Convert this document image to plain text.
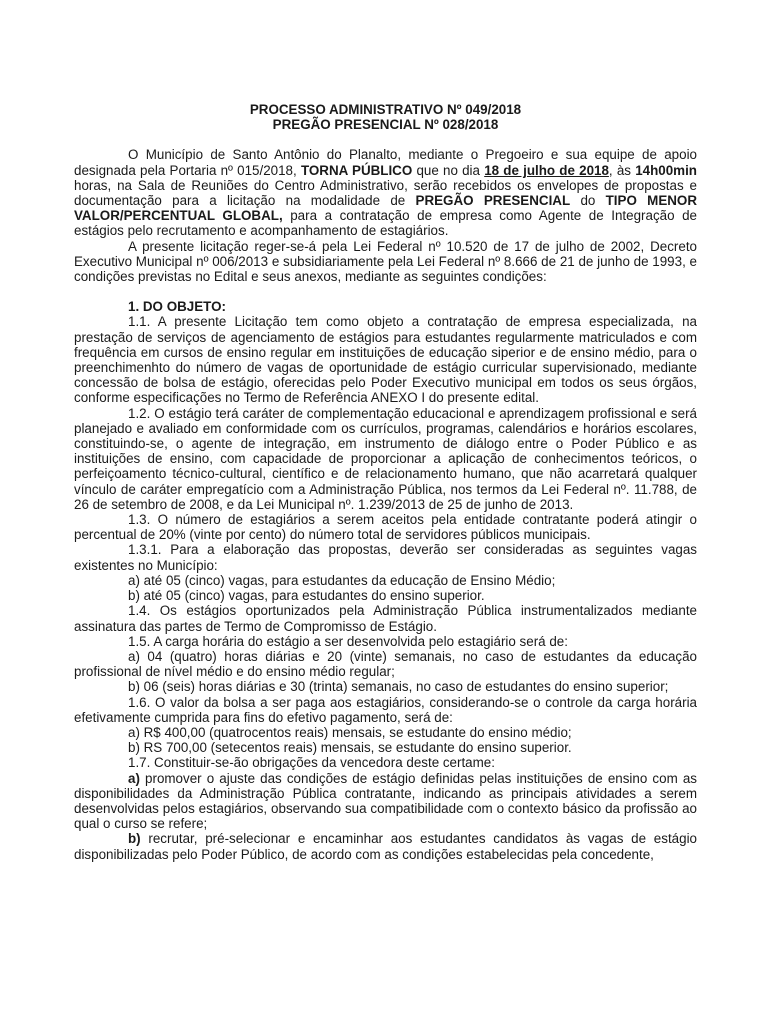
PROCESSO ADMINISTRATIVO Nº 049/2018
PREGÃO PRESENCIAL Nº 028/2018

O Município de Santo Antônio do Planalto, mediante o Pregoeiro e sua equipe de apoio designada pela Portaria nº 015/2018, TORNA PÚBLICO que no dia 18 de julho de 2018, às 14h00min horas, na Sala de Reuniões do Centro Administrativo, serão recebidos os envelopes de propostas e documentação para a licitação na modalidade de PREGÃO PRESENCIAL do TIPO MENOR VALOR/PERCENTUAL GLOBAL, para a contratação de empresa como Agente de Integração de estágios pelo recrutamento e acompanhamento de estagiários.

A presente licitação reger-se-á pela Lei Federal nº 10.520 de 17 de julho de 2002, Decreto Executivo Municipal nº 006/2013 e subsidiariamente pela Lei Federal nº 8.666 de 21 de junho de 1993, e condições previstas no Edital e seus anexos, mediante as seguintes condições:

1. DO OBJETO:

1.1. A presente Licitação tem como objeto a contratação de empresa especializada, na prestação de serviços de agenciamento de estágios para estudantes regularmente matriculados e com frequência em cursos de ensino regular em instituições de educação siperior e de ensino médio, para o preenchimenhto do número de vagas de oportunidade de estágio curricular supervisionado, mediante concessão de bolsa de estágio, oferecidas pelo Poder Executivo municipal em todos os seus órgãos, conforme especificações no Termo de Referência ANEXO I do presente edital.

1.2. O estágio terá caráter de complementação educacional e aprendizagem profissional e será planejado e avaliado em conformidade com os currículos, programas, calendários e horários escolares, constituindo-se, o agente de integração, em instrumento de diálogo entre o Poder Público e as instituições de ensino, com capacidade de proporcionar a aplicação de conhecimentos teóricos, o perfeiçoamento técnico-cultural, científico e de relacionamento humano, que não acarretará qualquer vínculo de caráter empregatício com a Administração Pública, nos termos da Lei Federal nº. 11.788, de 26 de setembro de 2008, e da Lei Municipal nº. 1.239/2013 de 25 de junho de 2013.

1.3. O número de estagiários a serem aceitos pela entidade contratante poderá atingir o percentual de 20% (vinte por cento) do número total de servidores públicos municipais.

1.3.1. Para a elaboração das propostas, deverão ser consideradas as seguintes vagas existentes no Município:

a) até 05 (cinco) vagas, para estudantes da educação de Ensino Médio;

b) até 05 (cinco) vagas, para estudantes do ensino superior.

1.4. Os estágios oportunizados pela Administração Pública instrumentalizados mediante assinatura das partes de Termo de Compromisso de Estágio.

1.5. A carga horária do estágio a ser desenvolvida pelo estagiário será de:

a) 04 (quatro) horas diárias e 20 (vinte) semanais, no caso de estudantes da educação profissional de nível médio e do ensino médio regular;

b) 06 (seis) horas diárias e 30 (trinta) semanais, no caso de estudantes do ensino superior;

1.6. O valor da bolsa a ser paga aos estagiários, considerando-se o controle da carga horária efetivamente cumprida para fins do efetivo pagamento, será de:

a) R$ 400,00 (quatrocentos reais) mensais, se estudante do ensino médio;

b) RS 700,00 (setecentos reais) mensais, se estudante do ensino superior.

1.7. Constituir-se-ão obrigações da vencedora deste certame:

a) promover o ajuste das condições de estágio definidas pelas instituições de ensino com as disponibilidades da Administração Pública contratante, indicando as principais atividades a serem desenvolvidas pelos estagiários, observando sua compatibilidade com o contexto básico da profissão ao qual o curso se refere;

b) recrutar, pré-selecionar e encaminhar aos estudantes candidatos às vagas de estágio disponibilizadas pelo Poder Público, de acordo com as condições estabelecidas pela concedente,
